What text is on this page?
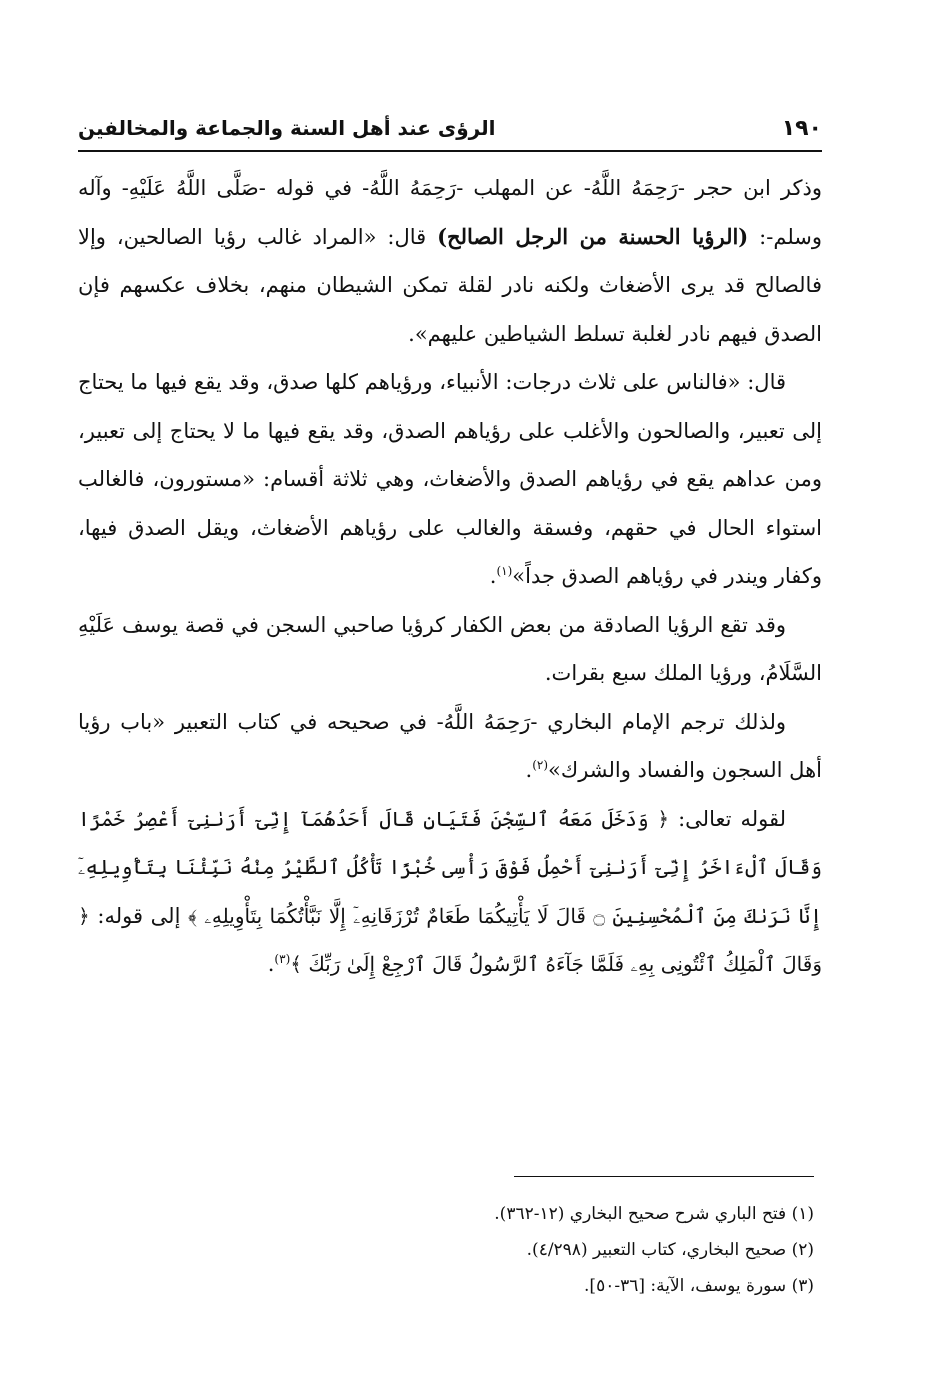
١٩٠
الرؤى عند أهل السنة والجماعة والمخالفين

وذكر ابن حجر -رَحِمَهُ اللَّهُ- عن المهلب -رَحِمَهُ اللَّهُ- في قوله -صَلَّى اللَّهُ عَلَيْهِ- وآله وسلم-: (الرؤيا الحسنة من الرجل الصالح) قال: «المراد غالب رؤيا الصالحين، وإلا فالصالح قد يرى الأضغاث ولكنه نادر لقلة تمكن الشيطان منهم، بخلاف عكسهم فإن الصدق فيهم نادر لغلبة تسلط الشياطين عليهم».

قال: «فالناس على ثلاث درجات: الأنبياء، ورؤياهم كلها صدق، وقد يقع فيها ما يحتاج إلى تعبير، والصالحون والأغلب على رؤياهم الصدق، وقد يقع فيها ما لا يحتاج إلى تعبير، ومن عداهم يقع في رؤياهم الصدق والأضغاث، وهي ثلاثة أقسام: «مستورون، فالغالب استواء الحال في حقهم، وفسقة والغالب على رؤياهم الأضغاث، ويقل الصدق فيها، وكفار ويندر في رؤياهم الصدق جداً»$^{(١)}$.

وقد تقع الرؤيا الصادقة من بعض الكفار كرؤيا صاحبي السجن في قصة يوسف عَلَيْهِ السَّلَامُ، ورؤيا الملك سبع بقرات.

ولذلك ترجم الإمام البخاري -رَحِمَهُ اللَّهُ- في صحيحه في كتاب التعبير «باب رؤيا أهل السجون والفساد والشرك»$^{(٢)}$.

لقوله تعالى: ﴿ وَدَخَلَ مَعَهُ ٱلسِّجْنَ فَتَيَانِ قَالَ أَحَدُهُمَآ إِنِّىٓ أَرَىٰنِىٓ أَعْصِرُ خَمْرًا وَقَالَ ٱلْءَاخَرُ إِنِّىٓ أَرَىٰنِىٓ أَحْمِلُ فَوْقَ رَأْسِى خُبْزًا تَأْكُلُ ٱلطَّيْرُ مِنْهُ نَبِّئْنَا بِتَأْوِيلِهِۦٓ إِنَّا نَرَىٰكَ مِنَ ٱلْمُحْسِنِينَ ۝ قَالَ لَا يَأْتِيكُمَا طَعَامٌ تُرْزَقَانِهِۦٓ إِلَّا نَبَّأْتُكُمَا بِتَأْوِيلِهِۦ ﴾ إلى قوله: ﴿ وَقَالَ ٱلْمَلِكُ ٱئْتُونِى بِهِۦ فَلَمَّا جَآءَهُ ٱلرَّسُولُ قَالَ ٱرْجِعْ إِلَىٰ رَبِّكَ ﴾$^{(٣)}$.

(١) فتح الباري شرح صحيح البخاري (١٢-٣٦٢).

(٢) صحيح البخاري، كتاب التعبير (٤/٢٩٨).

(٣) سورة يوسف، الآية: [٣٦-٥٠].
